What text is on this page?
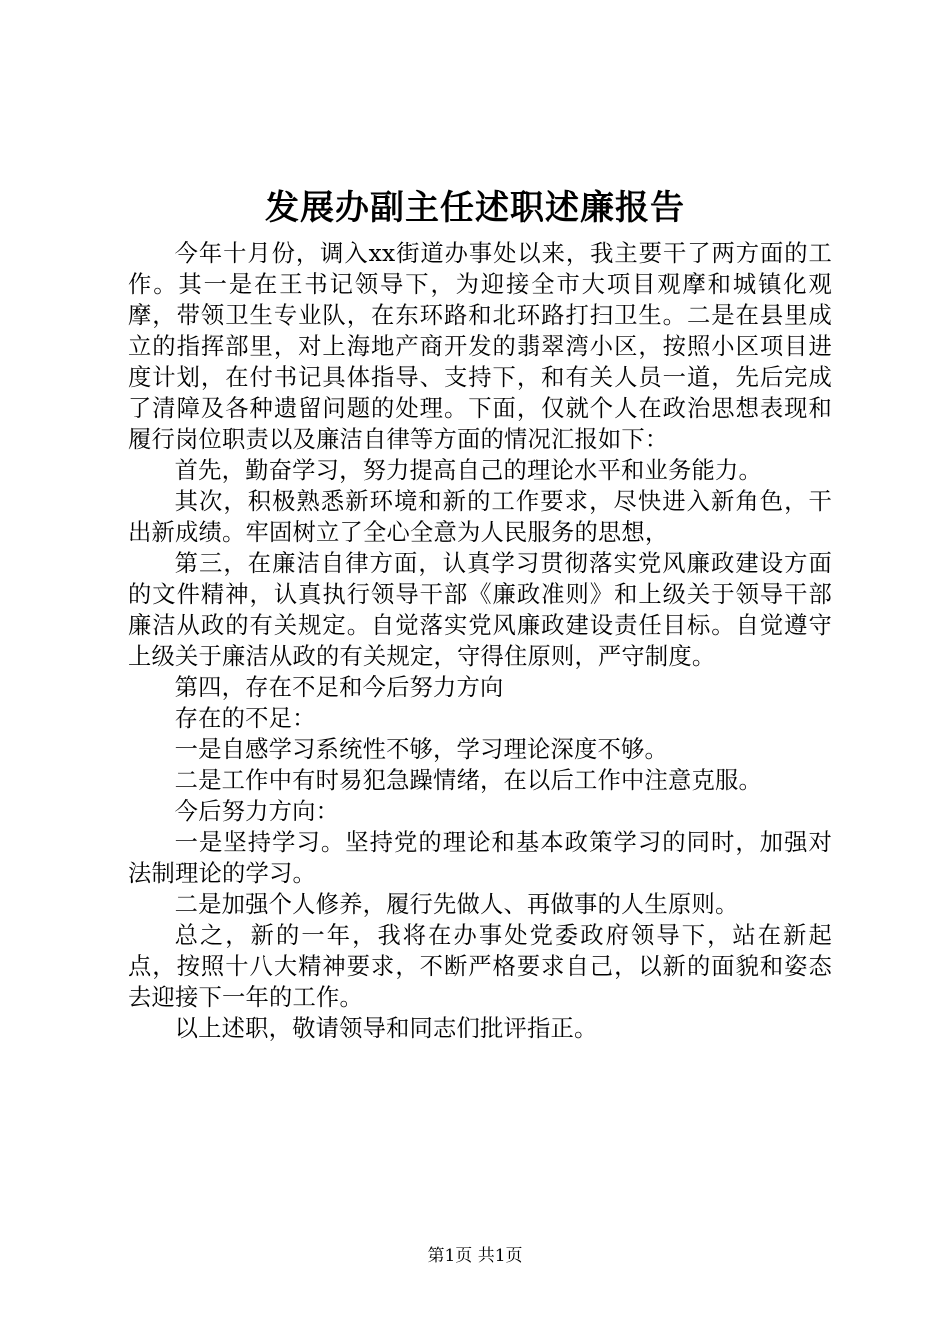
发展办副主任述职述廉报告

今年十月份，调入xx街道办事处以来，我主要干了两方面的工作。其一是在王书记领导下，为迎接全市大项目观摩和城镇化观摩，带领卫生专业队，在东环路和北环路打扫卫生。二是在县里成立的指挥部里，对上海地产商开发的翡翠湾小区，按照小区项目进度计划，在付书记具体指导、支持下，和有关人员一道，先后完成了清障及各种遗留问题的处理。下面，仅就个人在政治思想表现和履行岗位职责以及廉洁自律等方面的情况汇报如下：

首先，勤奋学习，努力提高自己的理论水平和业务能力。

其次，积极熟悉新环境和新的工作要求，尽快进入新角色，干出新成绩。牢固树立了全心全意为人民服务的思想，

第三，在廉洁自律方面，认真学习贯彻落实党风廉政建设方面的文件精神，认真执行领导干部《廉政准则》和上级关于领导干部廉洁从政的有关规定。自觉落实党风廉政建设责任目标。自觉遵守上级关于廉洁从政的有关规定，守得住原则，严守制度。

第四，存在不足和今后努力方向

存在的不足：

一是自感学习系统性不够，学习理论深度不够。

二是工作中有时易犯急躁情绪，在以后工作中注意克服。

今后努力方向：

一是坚持学习。坚持党的理论和基本政策学习的同时，加强对法制理论的学习。

二是加强个人修养，履行先做人、再做事的人生原则。

总之，新的一年，我将在办事处党委政府领导下，站在新起点，按照十八大精神要求，不断严格要求自己，以新的面貌和姿态去迎接下一年的工作。

以上述职，敬请领导和同志们批评指正。

第1页 共1页
